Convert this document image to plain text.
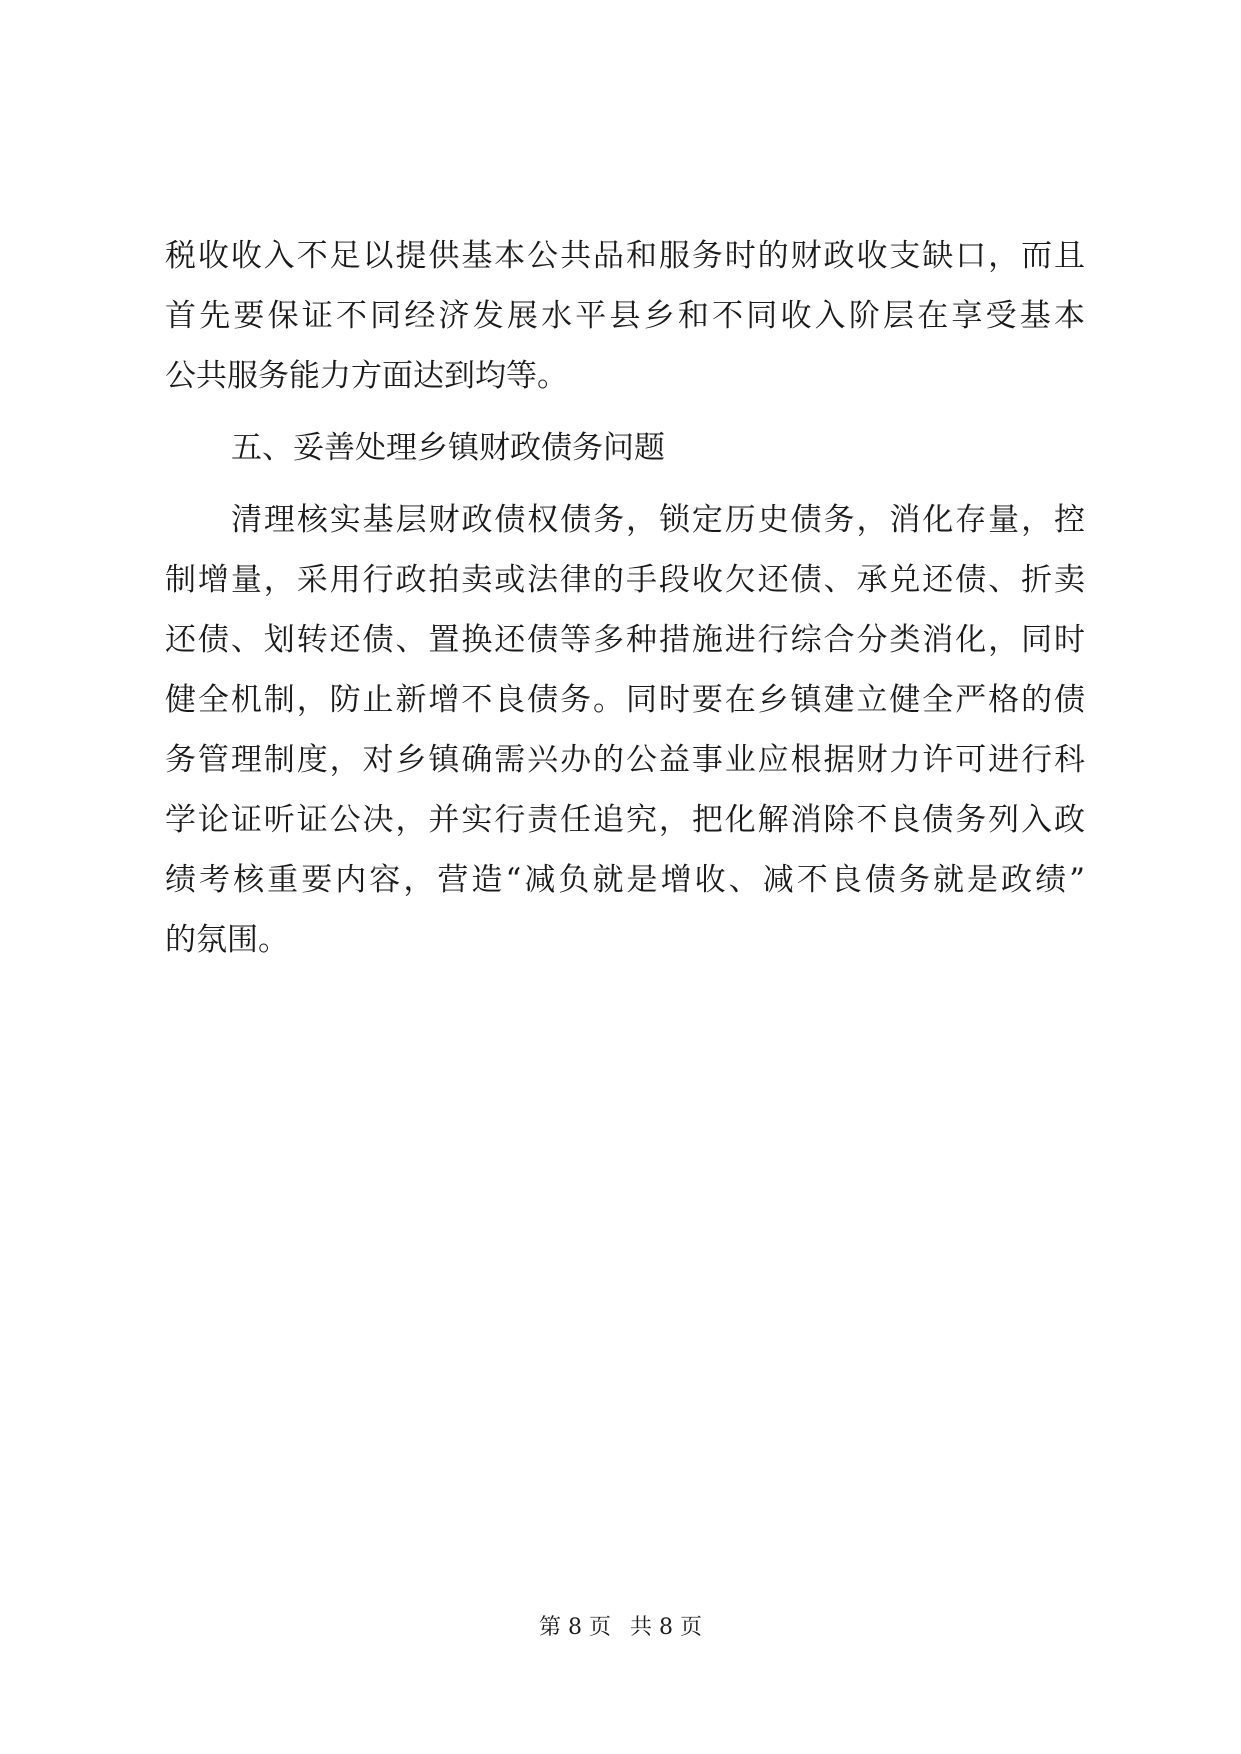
税收收入不足以提供基本公共品和服务时的财政收支缺口，而且
首先要保证不同经济发展水平县乡和不同收入阶层在享受基本
公共服务能力方面达到均等。
五、妥善处理乡镇财政债务问题
清理核实基层财政债权债务，锁定历史债务，消化存量，控
制增量，采用行政拍卖或法律的手段收欠还债、承兑还债、折卖
还债、划转还债、置换还债等多种措施进行综合分类消化，同时
健全机制，防止新增不良债务。同时要在乡镇建立健全严格的债
务管理制度，对乡镇确需兴办的公益事业应根据财力许可进行科
学论证听证公决，并实行责任追究，把化解消除不良债务列入政
绩考核重要内容，营造“减负就是增收、减不良债务就是政绩”
的氛围。
第 8 页 共 8 页
